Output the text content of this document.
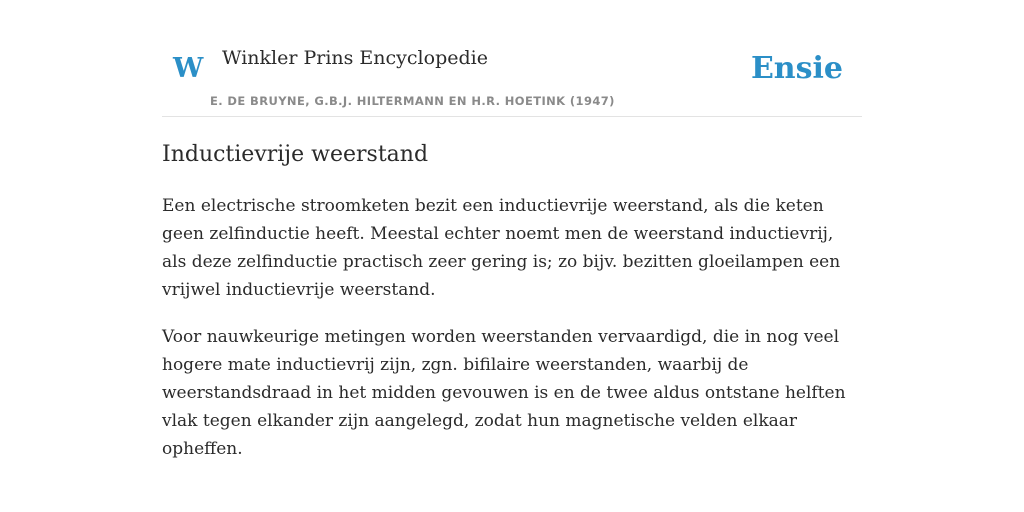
W Winkler Prins Encyclopedie
E. DE BRUYNE, G.B.J. HILTERMANN EN H.R. HOETINK (1947)
Ensie
Inductievrije weerstand

Een electrische stroomketen bezit een inductievrije weerstand, als die keten geen zelfinductie heeft. Meestal echter noemt men de weerstand inductievrij, als deze zelfinductie practisch zeer gering is; zo bijv. bezitten gloeilampen een vrijwel inductievrije weerstand.

Voor nauwkeurige metingen worden weerstanden vervaardigd, die in nog veel hogere mate inductievrij zijn, zgn. bifilaire weerstanden, waarbij de weerstandsdraad in het midden gevouwen is en de twee aldus ontstane helften vlak tegen elkander zijn aangelegd, zodat hun magnetische velden elkaar opheffen.
